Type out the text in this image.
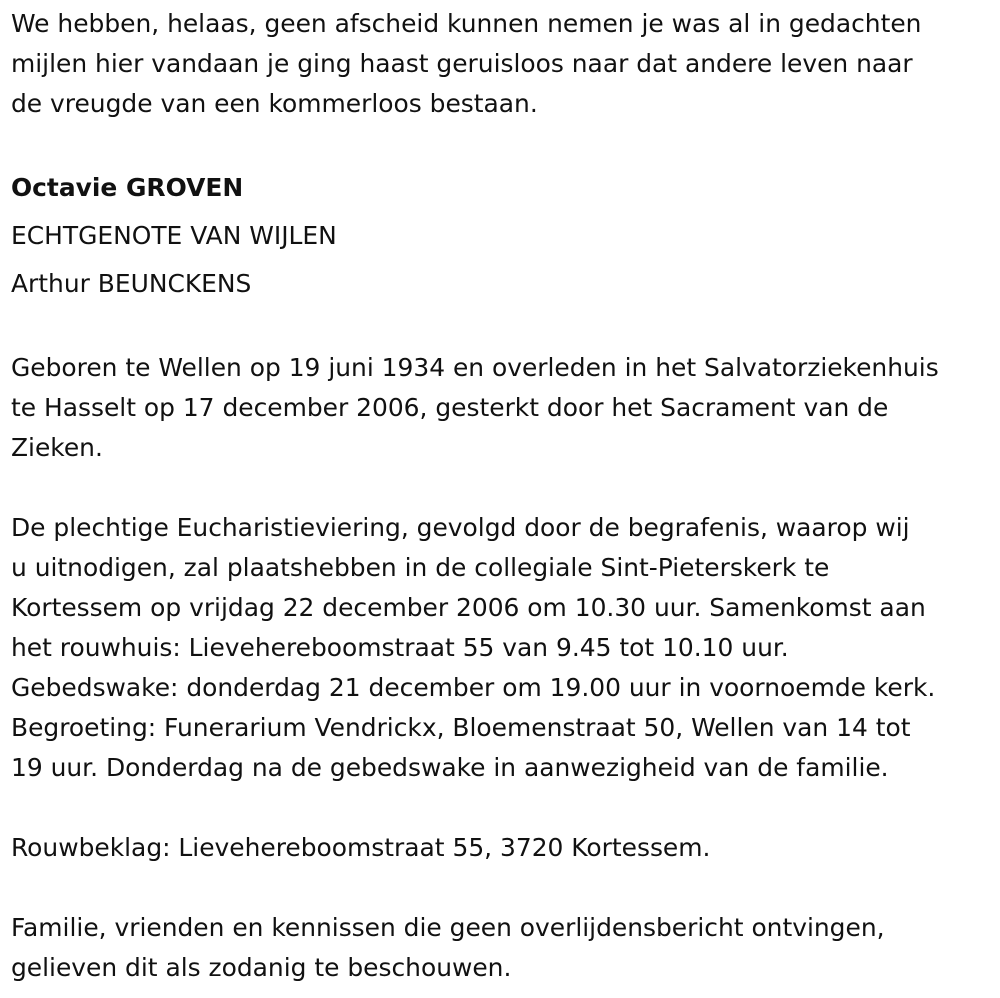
We hebben, helaas, geen afscheid kunnen nemen je was al in gedachten

mijlen hier vandaan je ging haast geruisloos naar dat andere leven naar

de vreugde van een kommerloos bestaan.

Octavie GROVEN

ECHTGENOTE VAN WIJLEN

Arthur BEUNCKENS

Geboren te Wellen op 19 juni 1934 en overleden in het Salvatorziekenhuis

te Hasselt op 17 december 2006, gesterkt door het Sacrament van de

Zieken.

De plechtige Eucharistieviering, gevolgd door de begrafenis, waarop wij

u uitnodigen, zal plaatshebben in de collegiale Sint-Pieterskerk te

Kortessem op vrijdag 22 december 2006 om 10.30 uur. Samenkomst aan

het rouwhuis: Lievehereboomstraat 55 van 9.45 tot 10.10 uur.

Gebedswake: donderdag 21 december om 19.00 uur in voornoemde kerk.

Begroeting: Funerarium Vendrickx, Bloemenstraat 50, Wellen van 14 tot

19 uur. Donderdag na de gebedswake in aanwezigheid van de familie.

Rouwbeklag: Lievehereboomstraat 55, 3720 Kortessem.

Familie, vrienden en kennissen die geen overlijdensbericht ontvingen,

gelieven dit als zodanig te beschouwen.
